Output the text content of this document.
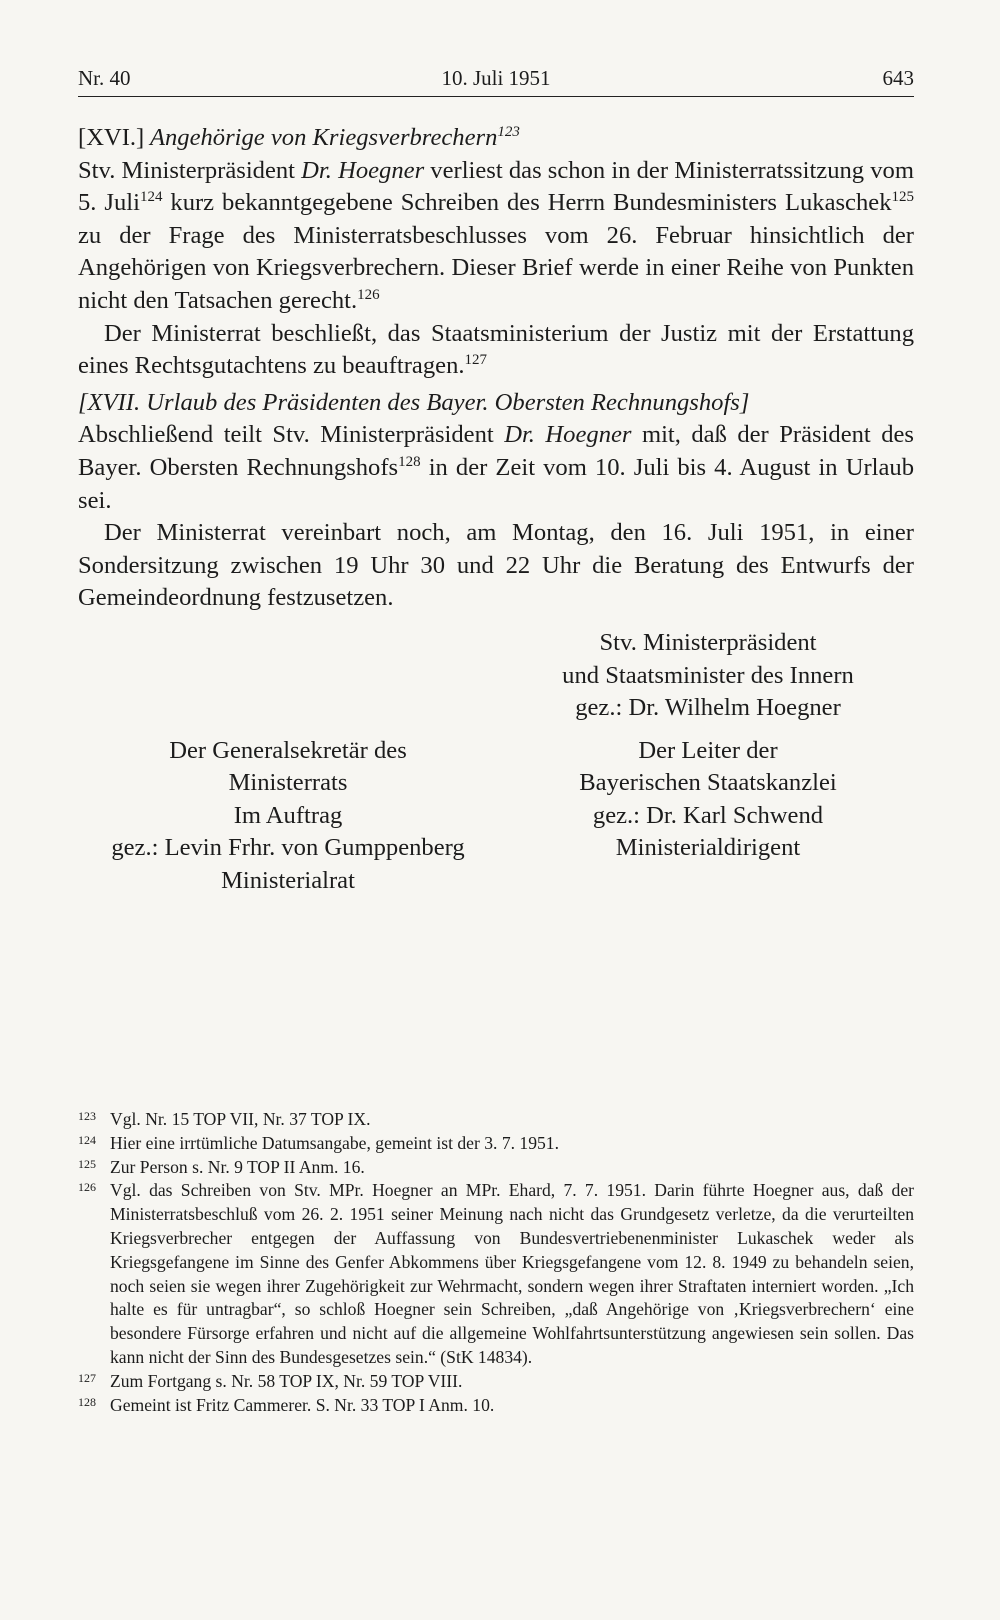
Nr. 40	10. Juli 1951	643

[XVI.] Angehörige von Kriegsverbrechern$^{123}$

Stv. Ministerpräsident Dr. Hoegner verliest das schon in der Ministerratssitzung vom 5. Juli$^{124}$ kurz bekanntgegebene Schreiben des Herrn Bundesministers Lukaschek$^{125}$ zu der Frage des Ministerratsbeschlusses vom 26. Februar hinsichtlich der Angehörigen von Kriegsverbrechern. Dieser Brief werde in einer Reihe von Punkten nicht den Tatsachen gerecht.$^{126}$

Der Ministerrat beschließt, das Staatsministerium der Justiz mit der Erstattung eines Rechtsgutachtens zu beauftragen.$^{127}$

[XVII. Urlaub des Präsidenten des Bayer. Obersten Rechnungshofs]

Abschließend teilt Stv. Ministerpräsident Dr. Hoegner mit, daß der Präsident des Bayer. Obersten Rechnungshofs$^{128}$ in der Zeit vom 10. Juli bis 4. August in Urlaub sei.

Der Ministerrat vereinbart noch, am Montag, den 16. Juli 1951, in einer Sondersitzung zwischen 19 Uhr 30 und 22 Uhr die Beratung des Entwurfs der Gemeindeordnung festzusetzen.

Stv. Ministerpräsident
und Staatsminister des Innern
gez.: Dr. Wilhelm Hoegner
Der Generalsekretär des
Ministerrats
Im Auftrag
gez.: Levin Frhr. von Gumppenberg
Ministerialrat
Der Leiter der
Bayerischen Staatskanzlei
gez.: Dr. Karl Schwend
Ministerialdirigent
$^{123}$ Vgl. Nr. 15 TOP VII, Nr. 37 TOP IX.
$^{124}$ Hier eine irrtümliche Datumsangabe, gemeint ist der 3. 7. 1951.
$^{125}$ Zur Person s. Nr. 9 TOP II Anm. 16.
$^{126}$ Vgl. das Schreiben von Stv. MPr. Hoegner an MPr. Ehard, 7. 7. 1951. Darin führte Hoegner aus, daß der Ministerratsbeschluß vom 26. 2. 1951 seiner Meinung nach nicht das Grundgesetz verletze, da die verurteilten Kriegsverbrecher entgegen der Auffassung von Bundesvertriebenenminister Lukaschek weder als Kriegsgefangene im Sinne des Genfer Abkommens über Kriegsgefangene vom 12. 8. 1949 zu behandeln seien, noch seien sie wegen ihrer Zugehörigkeit zur Wehrmacht, sondern wegen ihrer Straftaten interniert worden. „Ich halte es für untragbar“, so schloß Hoegner sein Schreiben, „daß Angehörige von ‚Kriegsverbrechern‘ eine besondere Fürsorge erfahren und nicht auf die allgemeine Wohlfahrtsunterstützung angewiesen sein sollen. Das kann nicht der Sinn des Bundesgesetzes sein.“ (StK 14834).
$^{127}$ Zum Fortgang s. Nr. 58 TOP IX, Nr. 59 TOP VIII.
$^{128}$ Gemeint ist Fritz Cammerer. S. Nr. 33 TOP I Anm. 10.
